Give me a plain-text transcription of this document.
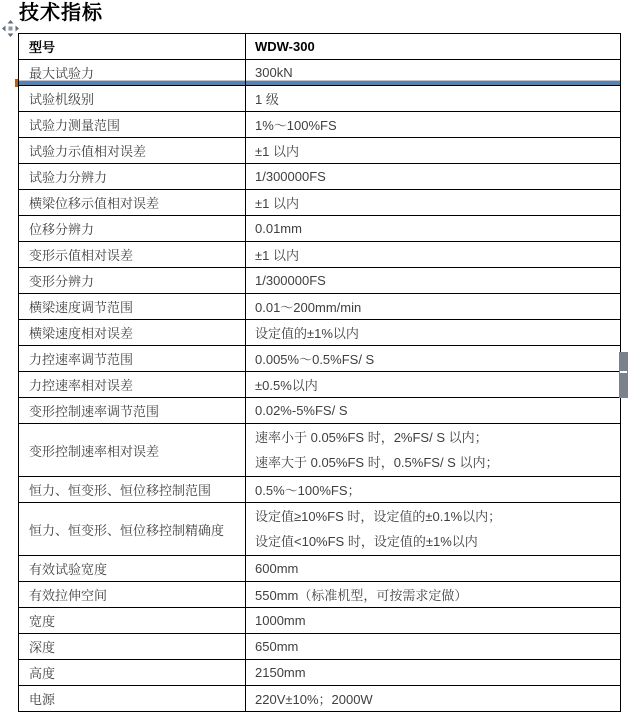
技术指标
型号	WDW-300
最大试验力	300kN
试验机级别	1 级
试验力测量范围	1%～100%FS
试验力示值相对误差	±1 以内
试验力分辨力	1/300000FS
横梁位移示值相对误差	±1 以内
位移分辨力	0.01mm
变形示值相对误差	±1 以内
变形分辨力	1/300000FS
横梁速度调节范围	0.01～200mm/min
横梁速度相对误差	设定值的±1%以内
力控速率调节范围	0.005%～0.5%FS/ S
力控速率相对误差	±0.5%以内
变形控制速率调节范围	0.02%-5%FS/ S
变形控制速率相对误差	速率小于 0.05%FS 时，2%FS/ S 以内；
速率大于 0.05%FS 时，0.5%FS/ S 以内；

恒力、恒变形、恒位移控制范围	0.5%～100%FS；
恒力、恒变形、恒位移控制精确度	设定值≥10%FS 时，设定值的±0.1%以内；
设定值<10%FS 时，设定值的±1%以内

有效试验宽度	600mm
有效拉伸空间	550mm（标准机型，可按需求定做）
宽度	1000mm
深度	650mm
高度	2150mm
电源	220V±10%；2000W
